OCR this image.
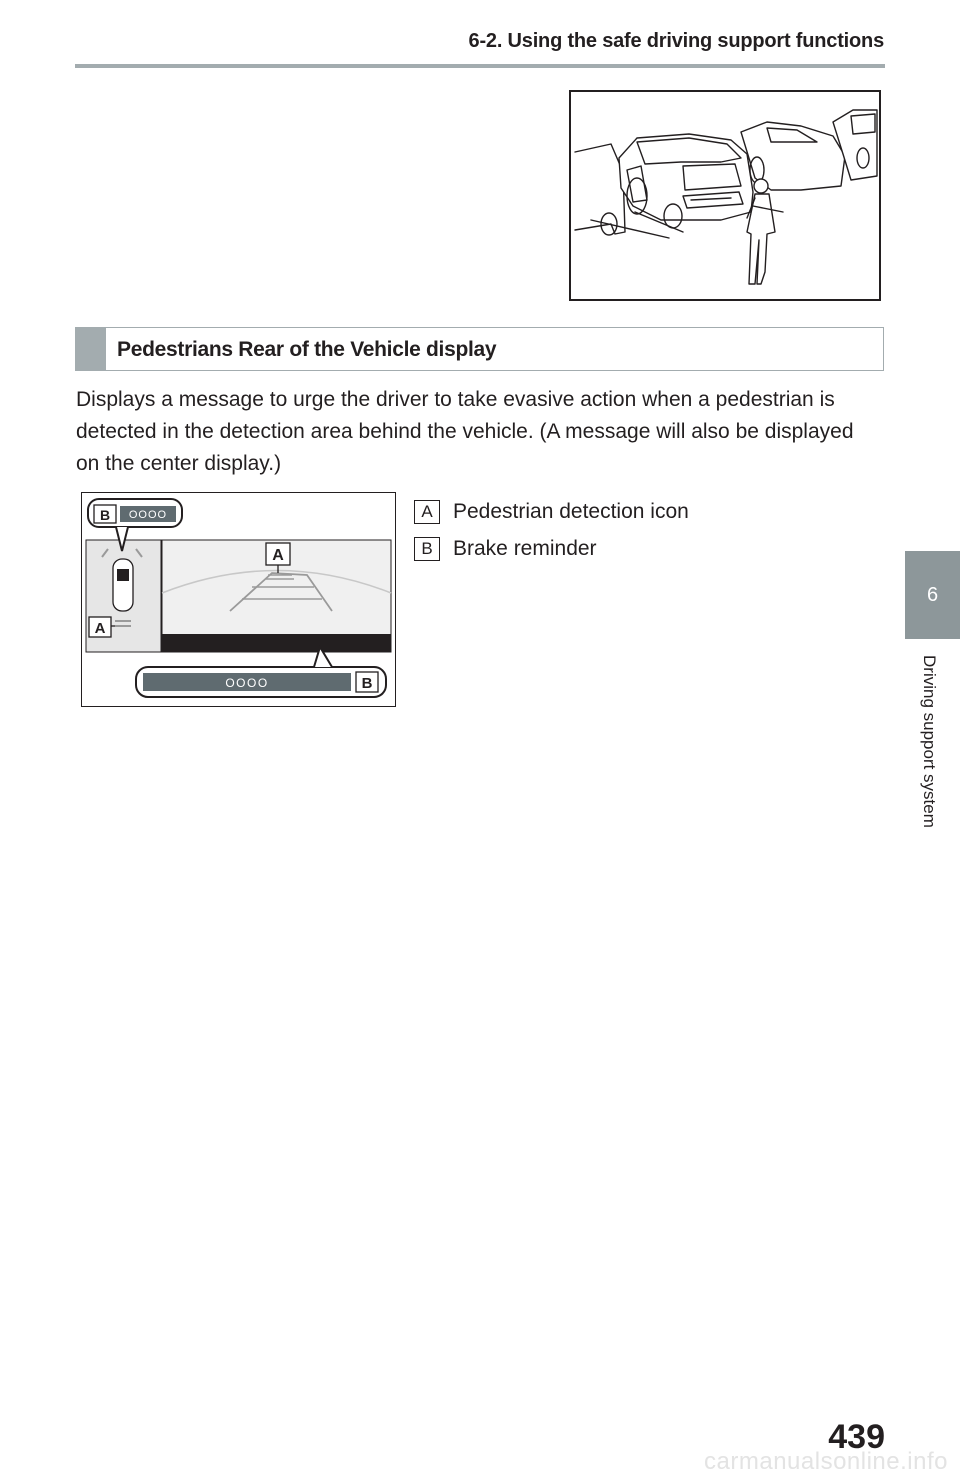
6-2. Using the safe driving support functions
Pedestrians Rear of the Vehicle display
Displays a message to urge the driver to take evasive action when a pedestrian is detected in the detection area behind the vehicle. (A message will also be displayed on the center display.)
A
A
B OOOO
OOOO	B
A Pedestrian detection icon
B Brake reminder
6
Driving support system
439
carmanualsonline.info
